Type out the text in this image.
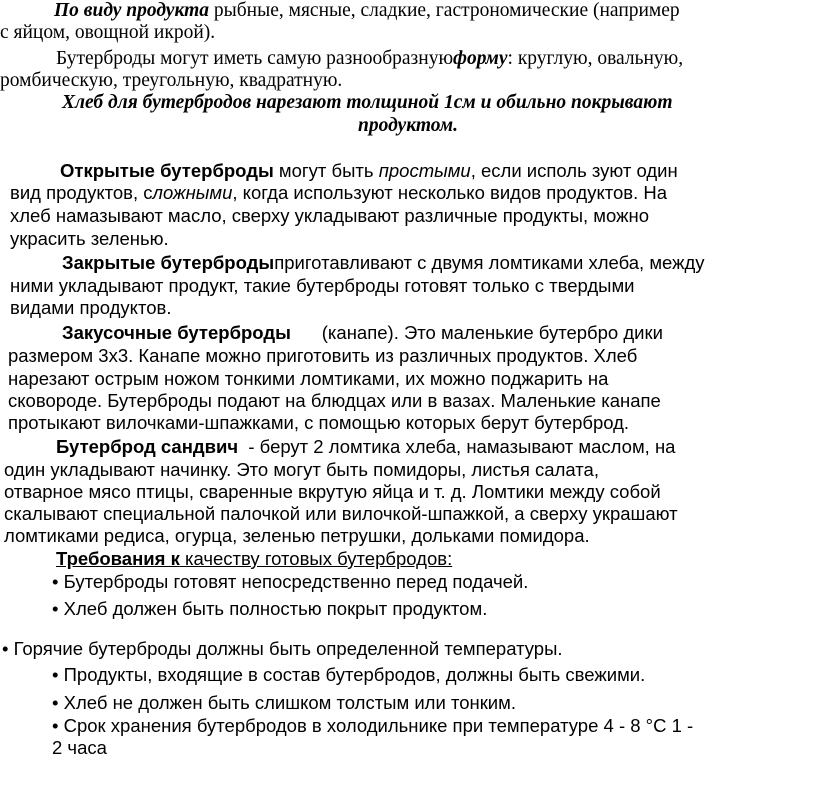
По виду продукта рыбные, мясные, сладкие, гастрономические (например
с яйцом, овощной икрой).
Бутерброды могут иметь самую разнообразнуюформу: круглую, овальную,
ромбическую, треугольную, квадратную.
Хлеб для бутербродов нарезают толщиной 1см и обильно покрывают
продуктом.
Открытые бутерброды могут быть простыми, если исполь зуют один
вид продуктов, сложными, когда используют несколько видов продуктов. На
хлеб намазывают масло, сверху укладывают различные продукты, можно
украсить зеленью.
Закрытые бутербродыприготавливают с двумя ломтиками хлеба, между
ними укладывают продукт, такие бутерброды готовят только с твердыми
видами продуктов.
Закусочные бутерброды (канапе). Это маленькие бутербро дики
размером 3х3. Канапе можно приготовить из различных продуктов. Хлеб
нарезают острым ножом тонкими ломтиками, их можно поджарить на
сковороде. Бутерброды подают на блюдцах или в вазах. Маленькие канапе
протыкают вилочками-шпажками, с помощью которых берут бутерброд.
Бутерброд сандвич - берут 2 ломтика хлеба, намазывают маслом, на
один укладывают начинку. Это могут быть помидоры, листья салата,
отварное мясо птицы, сваренные вкрутую яйца и т. д. Ломтики между собой
скалывают специальной палочкой или вилочкой-шпажкой, а сверху украшают
ломтиками редиса, огурца, зеленью петрушки, дольками помидора.
Требования к качеству готовых бутербродов:
• Бутерброды готовят непосредственно перед подачей.
• Хлеб должен быть полностью покрыт продуктом.
• Горячие бутерброды должны быть определенной температуры.
• Продукты, входящие в состав бутербродов, должны быть свежими.
• Хлеб не должен быть слишком толстым или тонким.
• Срок хранения бутербродов в холодильнике при температуре 4 - 8 °С 1 -
2 часа
